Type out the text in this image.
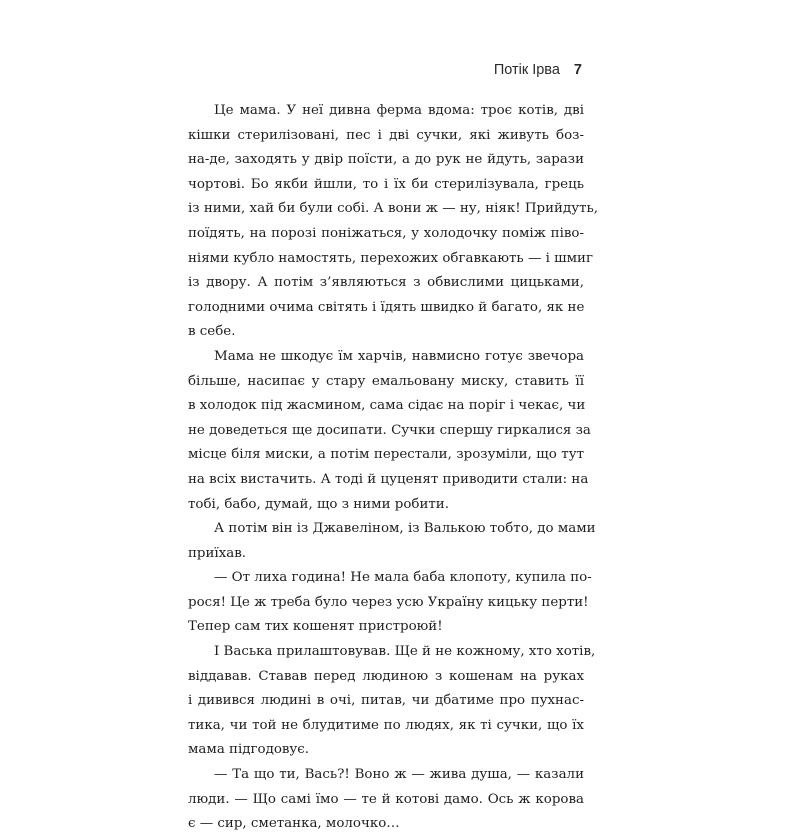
Потік Ірва 7
Це мама. У неї дивна ферма вдома: троє котів, дві
кішки стерилізовані, пес і дві сучки, які живуть боз-
на-де, заходять у двір поїсти, а до рук не йдуть, зарази
чортові. Бо якби йшли, то і їх би стерилізувала, грець
із ними, хай би були собі. А вони ж — ну, ніяк! Прийдуть,
поїдять, на порозі поніжаться, у холодочку поміж піво-
ніями кубло намостять, перехожих обгавкають — і шмиг
із двору. А потім з’являються з обвислими цицьками,
голодними очима світять і їдять швидко й багато, як не
в себе.
Мама не шкодує їм харчів, навмисно готує звечора
більше, насипає у стару емальовану миску, ставить її
в холодок під жасмином, сама сідає на поріг і чекає, чи
не доведеться ще досипати. Сучки спершу гиркалися за
місце біля миски, а потім перестали, зрозуміли, що тут
на всіх вистачить. А тоді й цуценят приводити стали: на
тобі, бабо, думай, що з ними робити.
А потім він із Джавеліном, із Валькою тобто, до мами
приїхав.
— От лиха година! Не мала баба клопоту, купила по-
рося! Це ж треба було через усю Україну кицьку перти!
Тепер сам тих кошенят пристроюй!
І Васька прилаштовував. Ще й не кожному, хто хотів,
віддавав. Ставав перед людиною з кошенам на руках
і дивився людині в очі, питав, чи дбатиме про пухнас-
тика, чи той не блудитиме по людях, як ті сучки, що їх
мама підгодовує.
— Та що ти, Вась?! Воно ж — жива душа, — казали
люди. — Що самі їмо — те й котові дамо. Ось ж корова
є — сир, сметанка, молочко…
